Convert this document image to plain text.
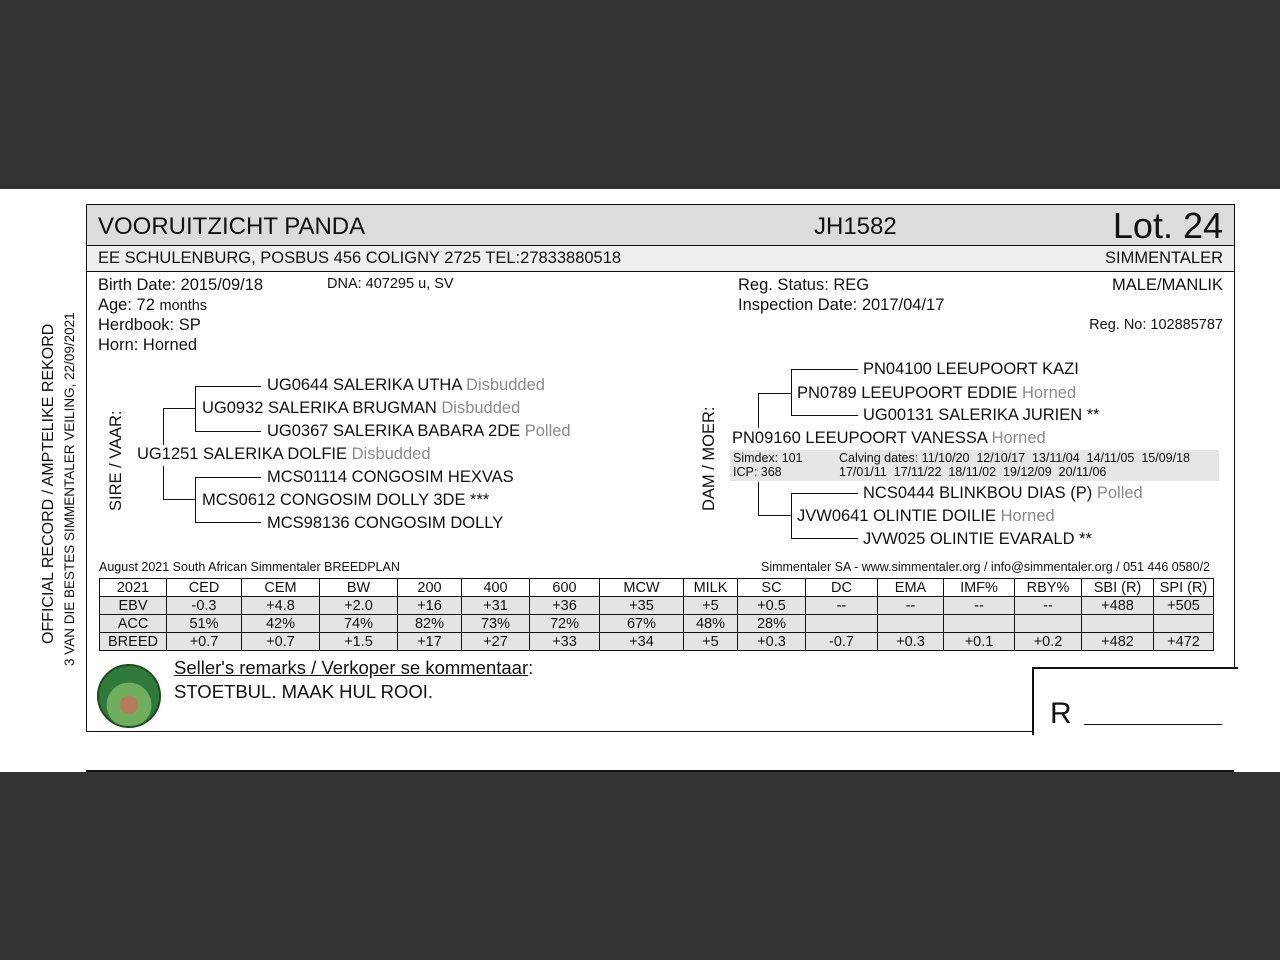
OFFICIAL RECORD / AMPTELIKE REKORD 3 VAN DIE BESTES SIMMENTALER VEILING, 22/09/2021
VOORUITZICHT PANDA	JH1582	Lot. 24
EE SCHULENBURG, POSBUS 456 COLIGNY 2725 TEL:27833880518	SIMMENTALER
Birth Date: 2015/09/18	DNA: 407295 u, SV
Age: 72 months
Herdbook: SP
Horn: Horned
Reg. Status: REG
Inspection Date: 2017/04/17
MALE/MANLIK
Reg. No: 102885787
SIRE / VAAR:
UG0644 SALERIKA UTHA Disbudded
UG0932 SALERIKA BRUGMAN Disbudded
UG0367 SALERIKA BABARA 2DE Polled
UG1251 SALERIKA DOLFIE Disbudded
MCS01114 CONGOSIM HEXVAS
MCS0612 CONGOSIM DOLLY 3DE ***
MCS98136 CONGOSIM DOLLY
DAM / MOER:
PN04100 LEEUPOORT KAZI
PN0789 LEEUPOORT EDDIE Horned
UG00131 SALERIKA JURIEN **
PN09160 LEEUPOORT VANESSA Horned
Simdex: 101
ICP: 368
Calving dates: 11/10/20  12/10/17  13/11/04  14/11/05  15/09/18
17/01/11  17/11/22  18/11/02  19/12/09  20/11/06
NCS0444 BLINKBOU DIAS (P) Polled
JVW0641 OLINTIE DOILIE Horned
JVW025 OLINTIE EVARALD **
August 2021 South African Simmentaler BREEDPLAN	Simmentaler SA - www.simmentaler.org / info@simmentaler.org / 051 446 0580/2
2021	CED	CEM	BW	200	400	600	MCW	MILK	SC	DC	EMA	IMF%	RBY%	SBI (R)	SPI (R)
EBV	-0.3	+4.8	+2.0	+16	+31	+36	+35	+5	+0.5	--	--	--	--	+488	+505
ACC	51%	42%	74%	82%	73%	72%	67%	48%	28%						
BREED	+0.7	+0.7	+1.5	+17	+27	+33	+34	+5	+0.3	-0.7	+0.3	+0.1	+0.2	+482	+472
Seller's remarks / Verkoper se kommentaar:
STOETBUL. MAAK HUL ROOI.
R
